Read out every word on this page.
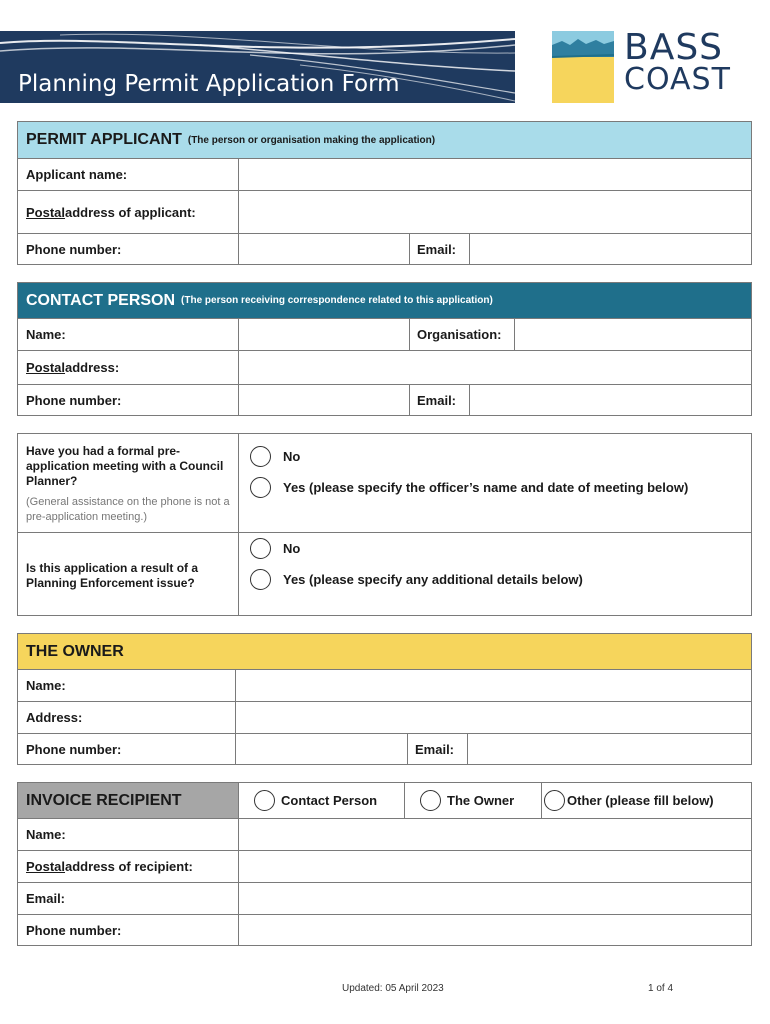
Planning Permit Application Form
BASS
COAST
PERMIT APPLICANT (The person or organisation making the application)
Applicant name:
Postal address of applicant:
Phone number:	Email:
CONTACT PERSON (The person receiving correspondence related to this application)
Name:	Organisation:
Postal address:
Phone number:	Email:
Have you had a formal pre-application meeting with a Council Planner?
(General assistance on the phone is not a pre-application meeting.)
No
Yes (please specify the officer’s name and date of meeting below)
Is this application a result of a Planning Enforcement issue?
No
Yes (please specify any additional details below)
THE OWNER
Name:
Address:
Phone number:	Email:
INVOICE RECIPIENT	Contact Person	The Owner	Other (please fill below)
Name:
Postal address of recipient:
Email:
Phone number:
Updated: 05 April 2023	1 of 4
